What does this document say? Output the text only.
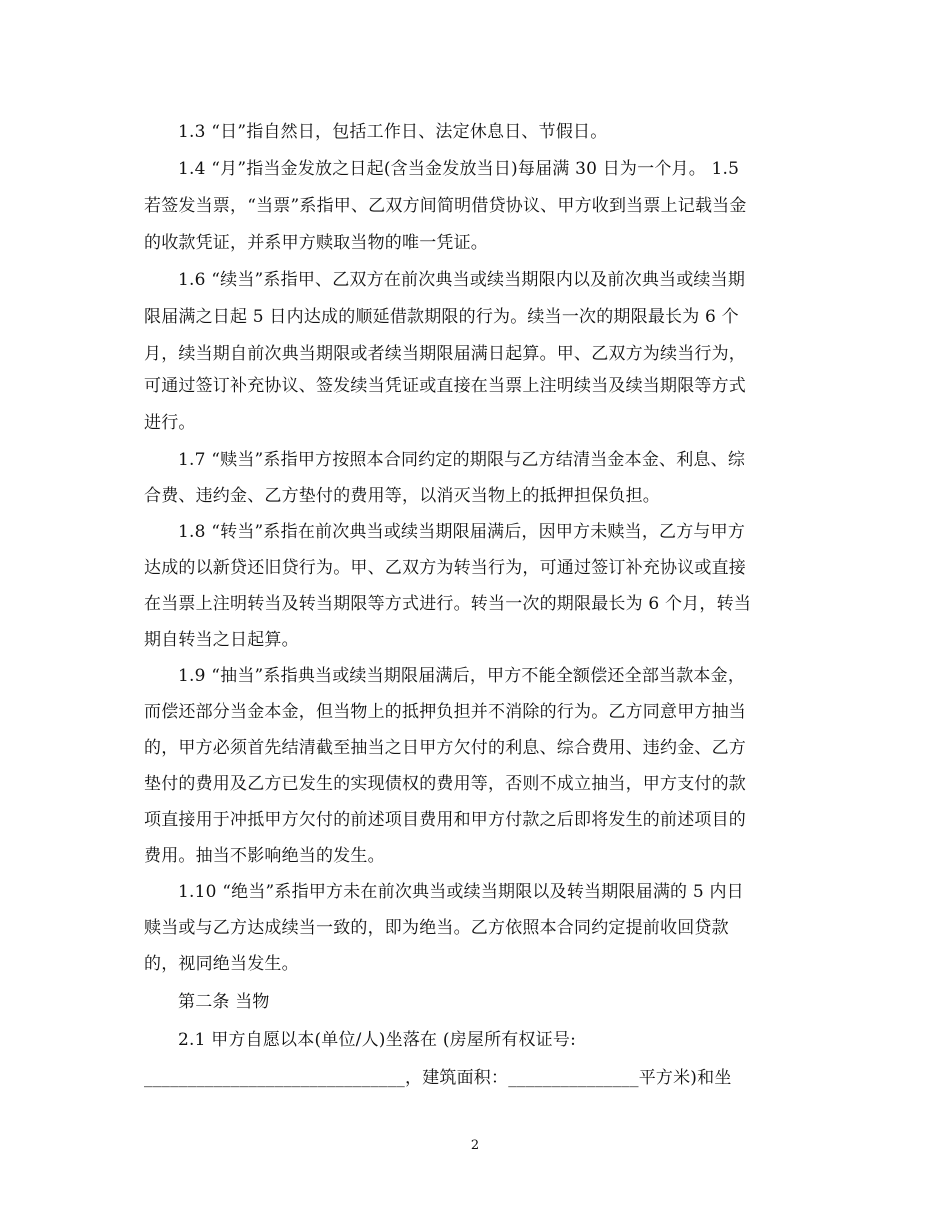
1.3 “日”指自然日，包括工作日、法定休息日、节假日。
1.4 “月”指当金发放之日起(含当金发放当日)每届满 30 日为一个月。 1.5
若签发当票，“当票”系指甲、乙双方间简明借贷协议、甲方收到当票上记载当金
的收款凭证，并系甲方赎取当物的唯一凭证。
1.6 “续当”系指甲、乙双方在前次典当或续当期限内以及前次典当或续当期
限届满之日起 5 日内达成的顺延借款期限的行为。续当一次的期限最长为 6 个
月，续当期自前次典当期限或者续当期限届满日起算。甲、乙双方为续当行为，
可通过签订补充协议、签发续当凭证或直接在当票上注明续当及续当期限等方式
进行。
1.7 “赎当”系指甲方按照本合同约定的期限与乙方结清当金本金、利息、综
合费、违约金、乙方垫付的费用等，以消灭当物上的抵押担保负担。
1.8 “转当”系指在前次典当或续当期限届满后，因甲方未赎当，乙方与甲方
达成的以新贷还旧贷行为。甲、乙双方为转当行为，可通过签订补充协议或直接
在当票上注明转当及转当期限等方式进行。转当一次的期限最长为 6 个月，转当
期自转当之日起算。
1.9 “抽当”系指典当或续当期限届满后，甲方不能全额偿还全部当款本金，
而偿还部分当金本金，但当物上的抵押负担并不消除的行为。乙方同意甲方抽当
的，甲方必须首先结清截至抽当之日甲方欠付的利息、综合费用、违约金、乙方
垫付的费用及乙方已发生的实现债权的费用等，否则不成立抽当，甲方支付的款
项直接用于冲抵甲方欠付的前述项目费用和甲方付款之后即将发生的前述项目的
费用。抽当不影响绝当的发生。
1.10 “绝当”系指甲方未在前次典当或续当期限以及转当期限届满的 5 内日
赎当或与乙方达成续当一致的，即为绝当。乙方依照本合同约定提前收回贷款
的，视同绝当发生。
第二条 当物
2.1 甲方自愿以本(单位/人)坐落在 (房屋所有权证号:
______________________________，建筑面积：_______________平方米)和坐
2
